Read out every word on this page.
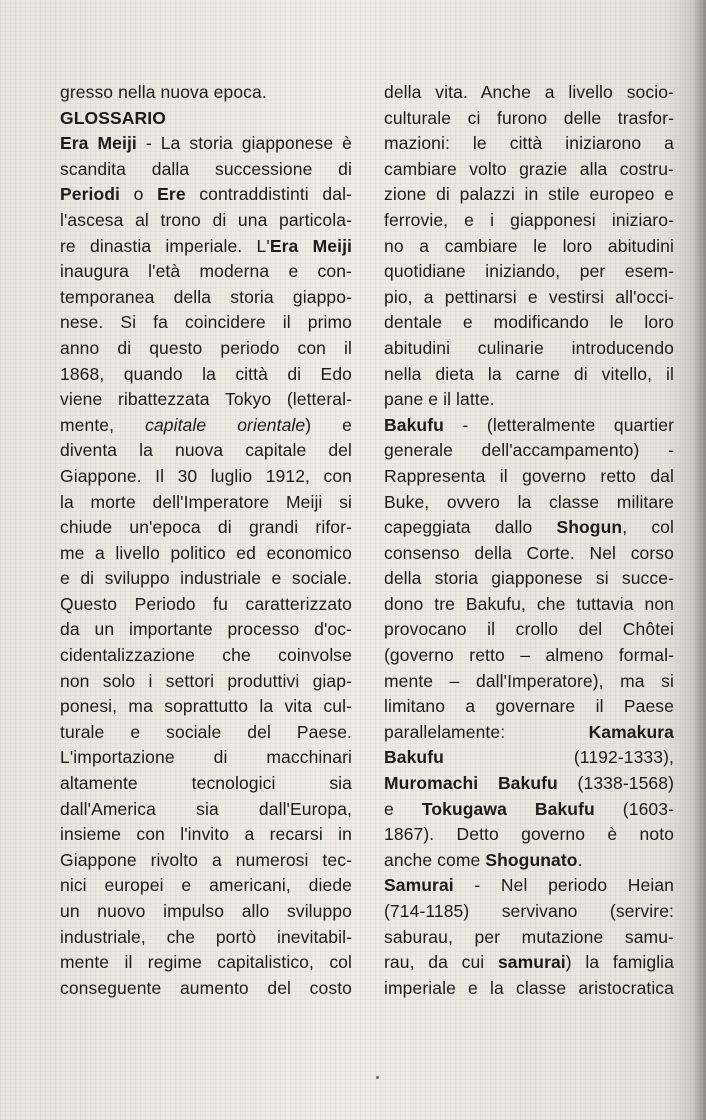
gresso nella nuova epoca.
GLOSSARIO
Era Meiji - La storia giapponese è
scandita dalla successione di
Periodi o Ere contraddistinti dal-
l'ascesa al trono di una particola-
re dinastia imperiale. L'Era Meiji
inaugura l'età moderna e con-
temporanea della storia giappo-
nese. Si fa coincidere il primo
anno di questo periodo con il
1868, quando la città di Edo
viene ribattezzata Tokyo (letteral-
mente, capitale orientale) e
diventa la nuova capitale del
Giappone. Il 30 luglio 1912, con
la morte dell'Imperatore Meiji si
chiude un'epoca di grandi rifor-
me a livello politico ed economico
e di sviluppo industriale e sociale.
Questo Periodo fu caratterizzato
da un importante processo d'oc-
cidentalizzazione che coinvolse
non solo i settori produttivi giap-
ponesi, ma soprattutto la vita cul-
turale e sociale del Paese.
L'importazione di macchinari
altamente tecnologici sia
dall'America sia dall'Europa,
insieme con l'invito a recarsi in
Giappone rivolto a numerosi tec-
nici europei e americani, diede
un nuovo impulso allo sviluppo
industriale, che portò inevitabil-
mente il regime capitalistico, col
conseguente aumento del costo
della vita. Anche a livello socio-
culturale ci furono delle trasfor-
mazioni: le città iniziarono a
cambiare volto grazie alla costru-
zione di palazzi in stile europeo e
ferrovie, e i giapponesi iniziaro-
no a cambiare le loro abitudini
quotidiane iniziando, per esem-
pio, a pettinarsi e vestirsi all'occi-
dentale e modificando le loro
abitudini culinarie introducendo
nella dieta la carne di vitello, il
pane e il latte.
Bakufu - (letteralmente quartier
generale dell'accampamento) -
Rappresenta il governo retto dal
Buke, ovvero la classe militare
capeggiata dallo Shogun, col
consenso della Corte. Nel corso
della storia giapponese si succe-
dono tre Bakufu, che tuttavia non
provocano il crollo del Chôtei
(governo retto – almeno formal-
mente – dall'Imperatore), ma si
limitano a governare il Paese
parallelamente: Kamakura
Bakufu (1192-1333),
Muromachi Bakufu (1338-1568)
e Tokugawa Bakufu (1603-
1867). Detto governo è noto
anche come Shogunato.
Samurai - Nel periodo Heian
(714-1185) servivano (servire:
saburau, per mutazione samu-
rau, da cui samurai) la famiglia
imperiale e la classe aristocratica
